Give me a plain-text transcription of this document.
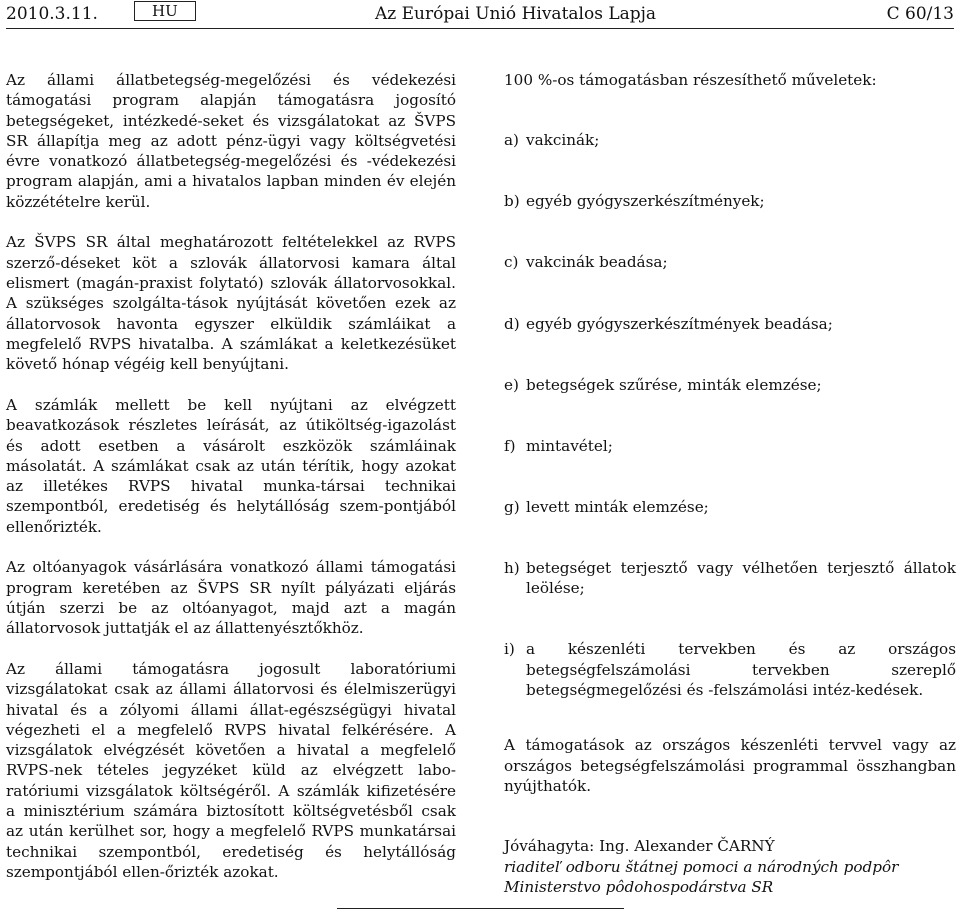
2010.3.11.	HU	Az Európai Unió Hivatalos Lapja	C 60/13

Az állami állatbetegség-megelőzési és védekezési támogatási program alapján támogatásra jogosító betegségeket, intézkedé-seket és vizsgálatokat az ŠVPS SR állapítja meg az adott pénz-ügyi vagy költségvetési évre vonatkozó állatbetegség-megelőzési és -védekezési program alapján, ami a hivatalos lapban minden év elején közzétételre kerül.

Az ŠVPS SR által meghatározott feltételekkel az RVPS szerző-déseket köt a szlovák állatorvosi kamara által elismert (magán-praxist folytató) szlovák állatorvosokkal. A szükséges szolgálta-tások nyújtását követően ezek az állatorvosok havonta egyszer elküldik számláikat a megfelelő RVPS hivatalba. A számlákat a keletkezésüket követő hónap végéig kell benyújtani.

A számlák mellett be kell nyújtani az elvégzett beavatkozások részletes leírását, az útiköltség-igazolást és adott esetben a vásárolt eszközök számláinak másolatát. A számlákat csak az után térítik, hogy azokat az illetékes RVPS hivatal munka-társai technikai szempontból, eredetiség és helytállóság szem-pontjából ellenőrizték.

Az oltóanyagok vásárlására vonatkozó állami támogatási program keretében az ŠVPS SR nyílt pályázati eljárás útján szerzi be az oltóanyagot, majd azt a magán állatorvosok juttatják el az állattenyésztőkhöz.

Az állami támogatásra jogosult laboratóriumi vizsgálatokat csak az állami állatorvosi és élelmiszerügyi hivatal és a zólyomi állami állat-egészségügyi hivatal végezheti el a megfelelő RVPS hivatal felkérésére. A vizsgálatok elvégzését követően a hivatal a megfelelő RVPS-nek tételes jegyzéket küld az elvégzett labo-ratóriumi vizsgálatok költségéről. A számlák kifizetésére a minisztérium számára biztosított költségvetésből csak az után kerülhet sor, hogy a megfelelő RVPS munkatársai technikai szempontból, eredetiség és helytállóság szempontjából ellen-őrizték azokat.

100 %-os támogatásban részesíthető műveletek:

a) vakcinák;
b) egyéb gyógyszerkészítmények;
c) vakcinák beadása;
d) egyéb gyógyszerkészítmények beadása;
e) betegségek szűrése, minták elemzése;
f) mintavétel;
g) levett minták elemzése;
h) betegséget terjesztő vagy vélhetően terjesztő állatok leölése;
i) a készenléti tervekben és az országos betegségfelszámolási tervekben szereplő betegségmegelőzési és -felszámolási intéz-kedések.

A támogatások az országos készenléti tervvel vagy az országos betegségfelszámolási programmal összhangban nyújthatók.

Jóváhagyta: Ing. Alexander ČARNÝ

riaditeľ odboru štátnej pomoci a národných podpôr

Ministerstvo pôdohospodárstva SR
